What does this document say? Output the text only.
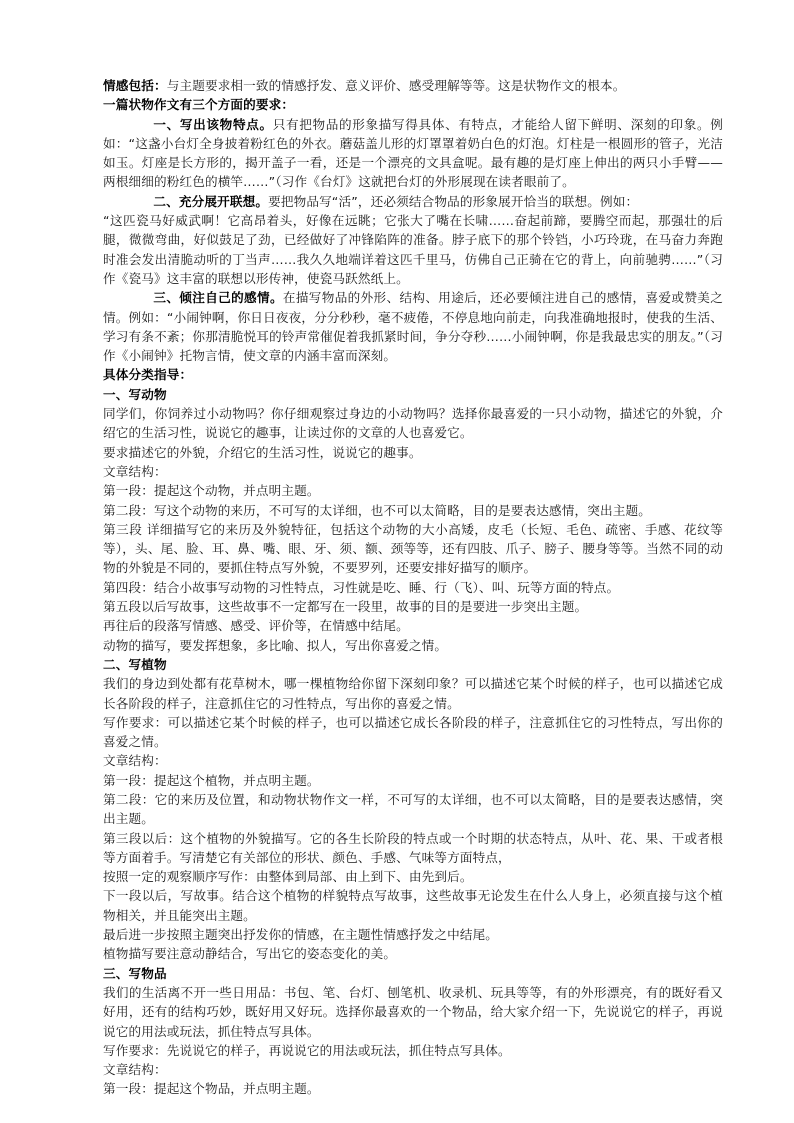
情感包括：与主题要求相一致的情感抒发、意义评价、感受理解等等。这是状物作文的根本。

一篇状物作文有三个方面的要求：

一、写出该物特点。只有把物品的形象描写得具体、有特点，才能给人留下鲜明、深刻的印象。例如：“这盏小台灯全身披着粉红色的外衣。蘑菇盖儿形的灯罩罩着奶白色的灯泡。灯柱是一根圆形的管子，光洁如玉。灯座是长方形的，揭开盖子一看，还是一个漂亮的文具盒呢。最有趣的是灯座上伸出的两只小手臂——两根细细的粉红色的横竿……”（习作《台灯》这就把台灯的外形展现在读者眼前了。

二、充分展开联想。要把物品写“活”，还必须结合物品的形象展开恰当的联想。例如：

“这匹瓷马好威武啊！它高昂着头，好像在远眺；它张大了嘴在长啸……奋起前蹄，要腾空而起，那强壮的后腿，微微弯曲，好似鼓足了劲，已经做好了冲锋陷阵的准备。脖子底下的那个铃铛，小巧玲珑，在马奋力奔跑时准会发出清脆动听的丁当声……我久久地端详着这匹千里马，仿佛自己正骑在它的背上，向前驰骋……”（习作《瓷马》这丰富的联想以形传神，使瓷马跃然纸上。

三、倾注自己的感情。在描写物品的外形、结构、用途后，还必要倾注进自己的感情，喜爱或赞美之情。例如：“小闹钟啊，你日日夜夜，分分秒秒，毫不疲倦，不停息地向前走，向我准确地报时，使我的生活、学习有条不紊；你那清脆悦耳的铃声常催促着我抓紧时间，争分夺秒……小闹钟啊，你是我最忠实的朋友。”（习作《小闹钟》托物言情，使文章的内涵丰富而深刻。

具体分类指导：

一、写动物

同学们，你饲养过小动物吗？你仔细观察过身边的小动物吗？选择你最喜爱的一只小动物，描述它的外貌，介绍它的生活习性，说说它的趣事，让读过你的文章的人也喜爱它。

要求描述它的外貌，介绍它的生活习性，说说它的趣事。

文章结构：

第一段：提起这个动物，并点明主题。

第二段：写这个动物的来历，不可写的太详细，也不可以太简略，目的是要表达感情，突出主题。

第三段 详细描写它的来历及外貌特征，包括这个动物的大小高矮，皮毛（长短、毛色、疏密、手感、花纹等等），头、尾、脸、耳、鼻、嘴、眼、牙、须、额、颈等等，还有四肢、爪子、膀子、腰身等等。当然不同的动物的外貌是不同的，要抓住特点写外貌，不要罗列，还要安排好描写的顺序。

第四段：结合小故事写动物的习性特点，习性就是吃、睡、行（飞）、叫、玩等方面的特点。

第五段以后写故事，这些故事不一定都写在一段里，故事的目的是要进一步突出主题。

再往后的段落写情感、感受、评价等，在情感中结尾。

动物的描写，要发挥想象，多比喻、拟人，写出你喜爱之情。

二、写植物

我们的身边到处都有花草树木，哪一棵植物给你留下深刻印象？可以描述它某个时候的样子，也可以描述它成长各阶段的样子，注意抓住它的习性特点，写出你的喜爱之情。

写作要求：可以描述它某个时候的样子，也可以描述它成长各阶段的样子，注意抓住它的习性特点，写出你的喜爱之情。

文章结构：

第一段：提起这个植物，并点明主题。

第二段：它的来历及位置，和动物状物作文一样，不可写的太详细，也不可以太简略，目的是要表达感情，突出主题。

第三段以后：这个植物的外貌描写。它的各生长阶段的特点或一个时期的状态特点，从叶、花、果、干或者根等方面着手。写清楚它有关部位的形状、颜色、手感、气味等方面特点，

按照一定的观察顺序写作：由整体到局部、由上到下、由先到后。

下一段以后，写故事。结合这个植物的样貌特点写故事，这些故事无论发生在什么人身上，必须直接与这个植物相关，并且能突出主题。

最后进一步按照主题突出抒发你的情感，在主题性情感抒发之中结尾。

植物描写要注意动静结合，写出它的姿态变化的美。

三、写物品

我们的生活离不开一些日用品：书包、笔、台灯、刨笔机、收录机、玩具等等，有的外形漂亮，有的既好看又好用，还有的结构巧妙，既好用又好玩。选择你最喜欢的一个物品，给大家介绍一下，先说说它的样子，再说说它的用法或玩法，抓住特点写具体。

写作要求：先说说它的样子，再说说它的用法或玩法，抓住特点写具体。

文章结构：

第一段：提起这个物品，并点明主题。
